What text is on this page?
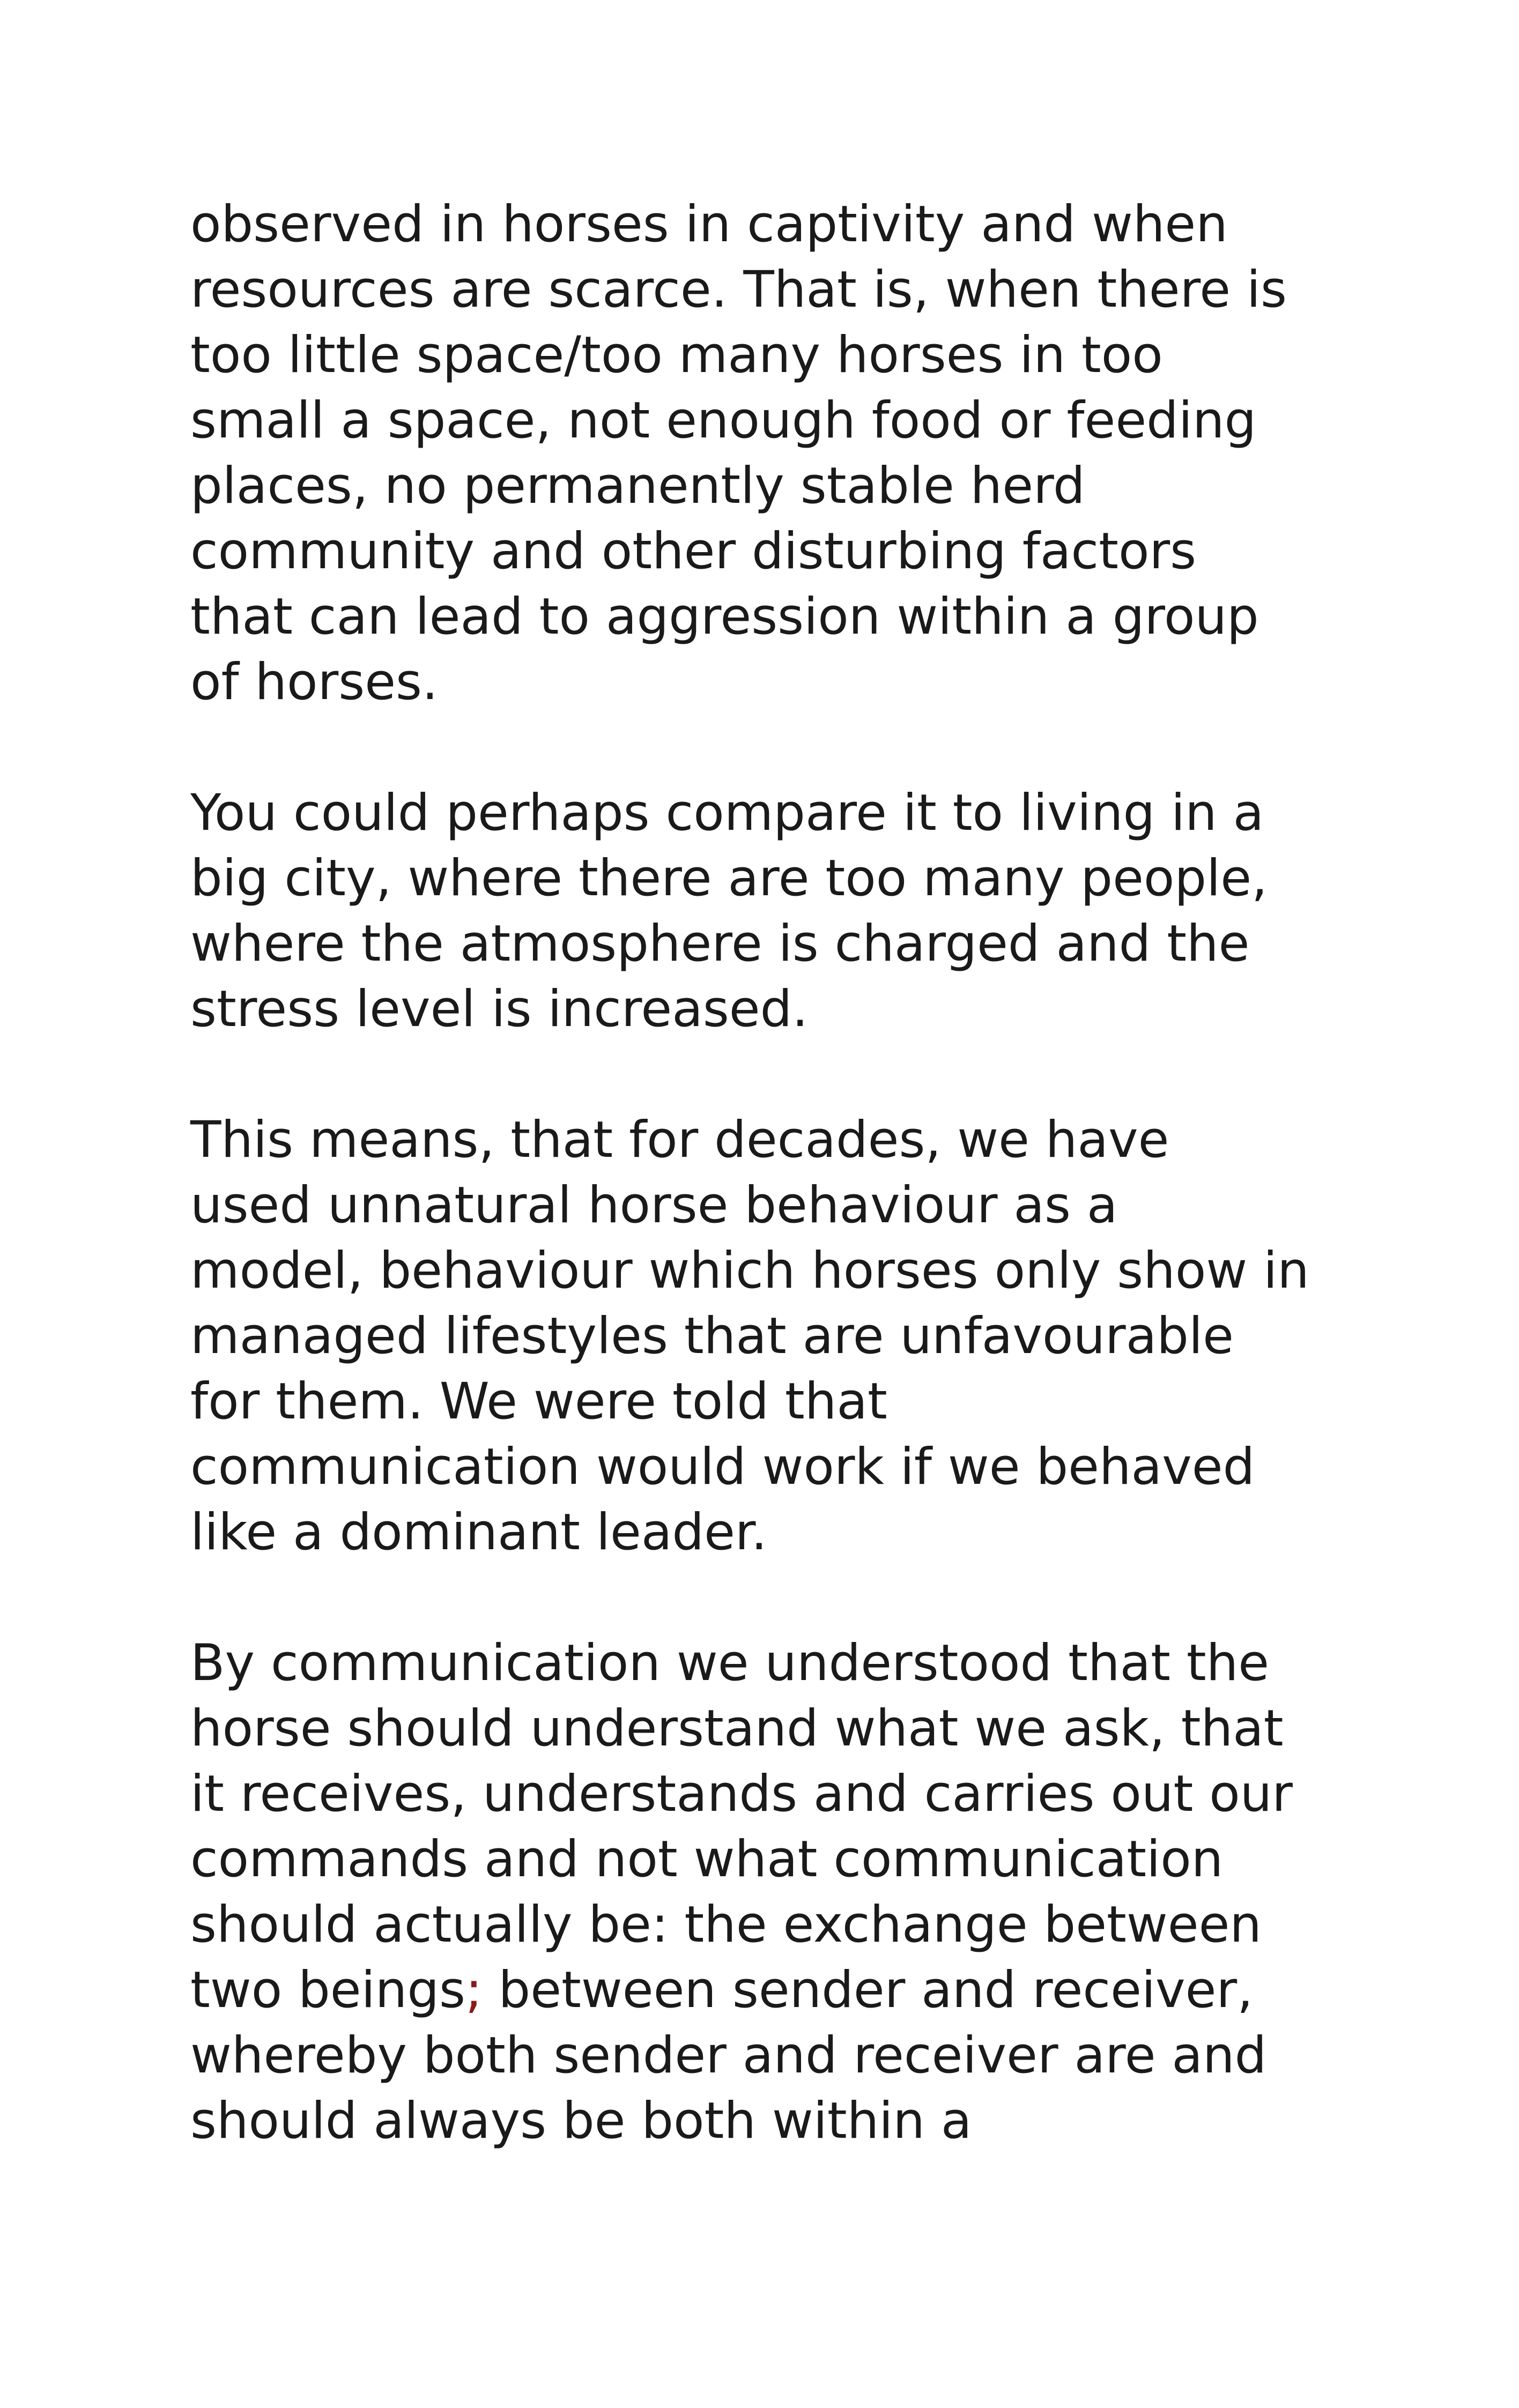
observed in horses in captivity and when
resources are scarce. That is, when there is
too little space/too many horses in too
small a space, not enough food or feeding
places, no permanently stable herd
community and other disturbing factors
that can lead to aggression within a group
of horses.

You could perhaps compare it to living in a
big city, where there are too many people,
where the atmosphere is charged and the
stress level is increased.

This means, that for decades, we have
used unnatural horse behaviour as a
model, behaviour which horses only show in
managed lifestyles that are unfavourable
for them. We were told that
communication would work if we behaved
like a dominant leader.

By communication we understood that the
horse should understand what we ask, that
it receives, understands and carries out our
commands and not what communication
should actually be: the exchange between
two beings; between sender and receiver,
whereby both sender and receiver are and
should always be both within a
